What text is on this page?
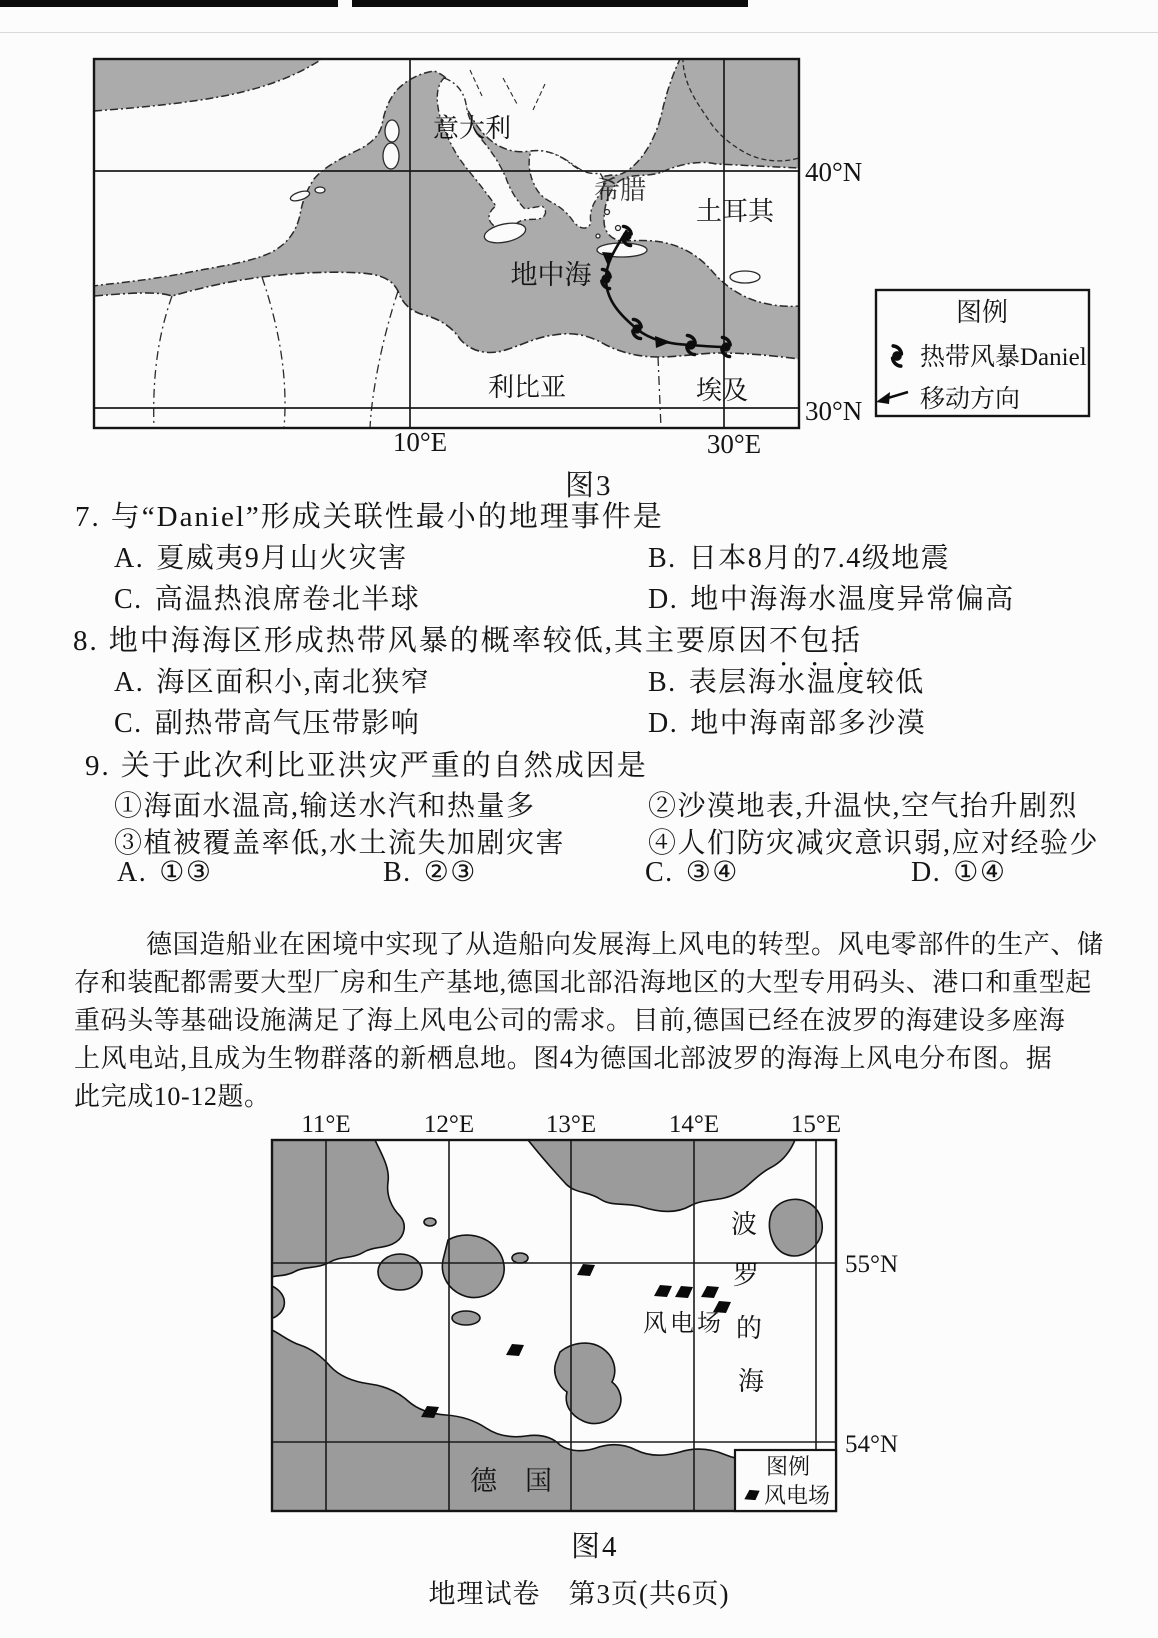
意大利
希腊
土耳其
地中海
利比亚	埃及
40°N
30°N
10°E	30°E
图例
热带风暴Daniel
移动方向
图3
7. 与“Daniel”形成关联性最小的地理事件是
A. 夏威夷9月山火灾害	B. 日本8月的7.4级地震
C. 高温热浪席卷北半球	D. 地中海海水温度异常偏高
8. 地中海海区形成热带风暴的概率较低,其主要原因不包括
A. 海区面积小,南北狭窄	B. 表层海水温度较低
C. 副热带高气压带影响	D. 地中海南部多沙漠
9. 关于此次利比亚洪灾严重的自然成因是
①海面水温高,输送水汽和热量多	②沙漠地表,升温快,空气抬升剧烈
③植被覆盖率低,水土流失加剧灾害	④人们防灾减灾意识弱,应对经验少
A. ①③	B. ②③	C. ③④	D. ①④
德国造船业在困境中实现了从造船向发展海上风电的转型。风电零部件的生产、储
存和装配都需要大型厂房和生产基地,德国北部沿海地区的大型专用码头、港口和重型起
重码头等基础设施满足了海上风电公司的需求。目前,德国已经在波罗的海建设多座海
上风电站,且成为生物群落的新栖息地。图4为德国北部波罗的海海上风电分布图。据
此完成10-12题。
11°E	12°E	13°E	14°E	15°E
55°N
54°N
波
罗
的
海
风电场
德国	图例
风电场
图4
地理试卷　第3页(共6页)
